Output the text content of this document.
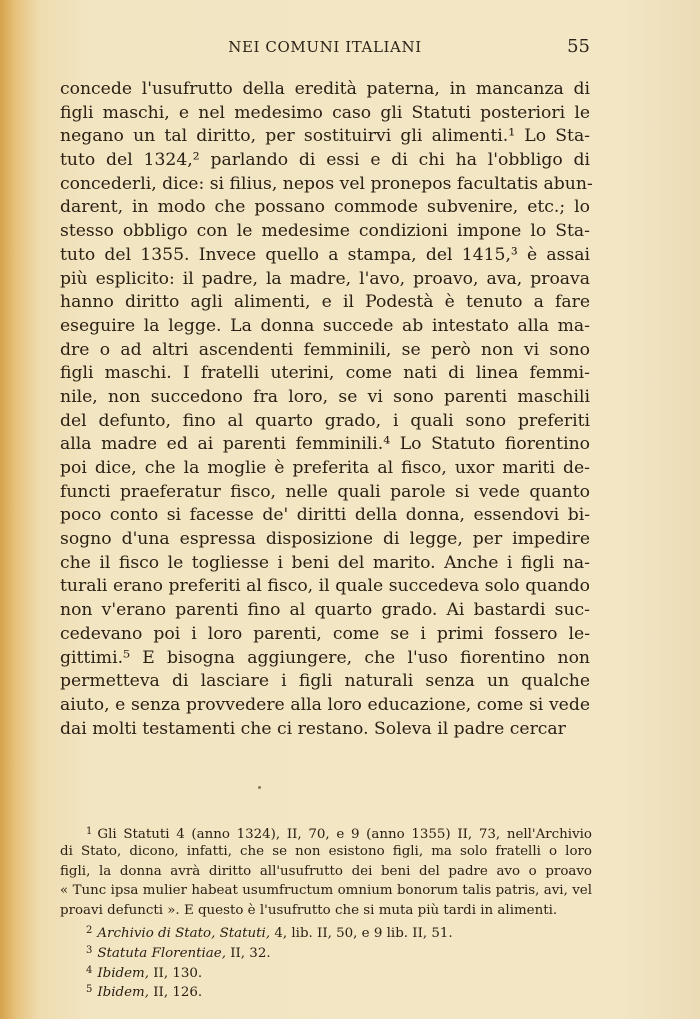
NEI COMUNI ITALIANI	55
concede l'usufrutto della eredità paterna, in mancanza di
figli maschi, e nel medesimo caso gli Statuti posteriori le
negano un tal diritto, per sostituirvi gli alimenti.¹ Lo Sta-
tuto del 1324,² parlando di essi e di chi ha l'obbligo di
concederli, dice: si filius, nepos vel pronepos facultatis abun-
darent, in modo che possano commode subvenire, etc.; lo
stesso obbligo con le medesime condizioni impone lo Sta-
tuto del 1355. Invece quello a stampa, del 1415,³ è assai
più esplicito: il padre, la madre, l'avo, proavo, ava, proava
hanno diritto agli alimenti, e il Podestà è tenuto a fare
eseguire la legge. La donna succede ab intestato alla ma-
dre o ad altri ascendenti femminili, se però non vi sono
figli maschi. I fratelli uterini, come nati di linea femmi-
nile, non succedono fra loro, se vi sono parenti maschili
del defunto, fino al quarto grado, i quali sono preferiti
alla madre ed ai parenti femminili.⁴ Lo Statuto fiorentino
poi dice, che la moglie è preferita al fisco, uxor mariti de-
functi praeferatur fisco, nelle quali parole si vede quanto
poco conto si facesse de' diritti della donna, essendovi bi-
sogno d'una espressa disposizione di legge, per impedire
che il fisco le togliesse i beni del marito. Anche i figli na-
turali erano preferiti al fisco, il quale succedeva solo quando
non v'erano parenti fino al quarto grado. Ai bastardi suc-
cedevano poi i loro parenti, come se i primi fossero le-
gittimi.⁵ E bisogna aggiungere, che l'uso fiorentino non
permetteva di lasciare i figli naturali senza un qualche
aiuto, e senza provvedere alla loro educazione, come si vede
dai molti testamenti che ci restano. Soleva il padre cercar
$^1$ Gli Statuti 4 (anno 1324), II, 70, e 9 (anno 1355) II, 73, nell'Archivio
di Stato, dicono, infatti, che se non esistono figli, ma solo fratelli o loro
figli, la donna avrà diritto all'usufrutto dei beni del padre avo o proavo
« Tunc ipsa mulier habeat usumfructum omnium bonorum talis patris, avi, vel
proavi defuncti ». E questo è l'usufrutto che si muta più tardi in alimenti.
$^2$ Archivio di Stato, Statuti, 4, lib. II, 50, e 9 lib. II, 51.
$^3$ Statuta Florentiae, II, 32.
$^4$ Ibidem, II, 130.
$^5$ Ibidem, II, 126.
